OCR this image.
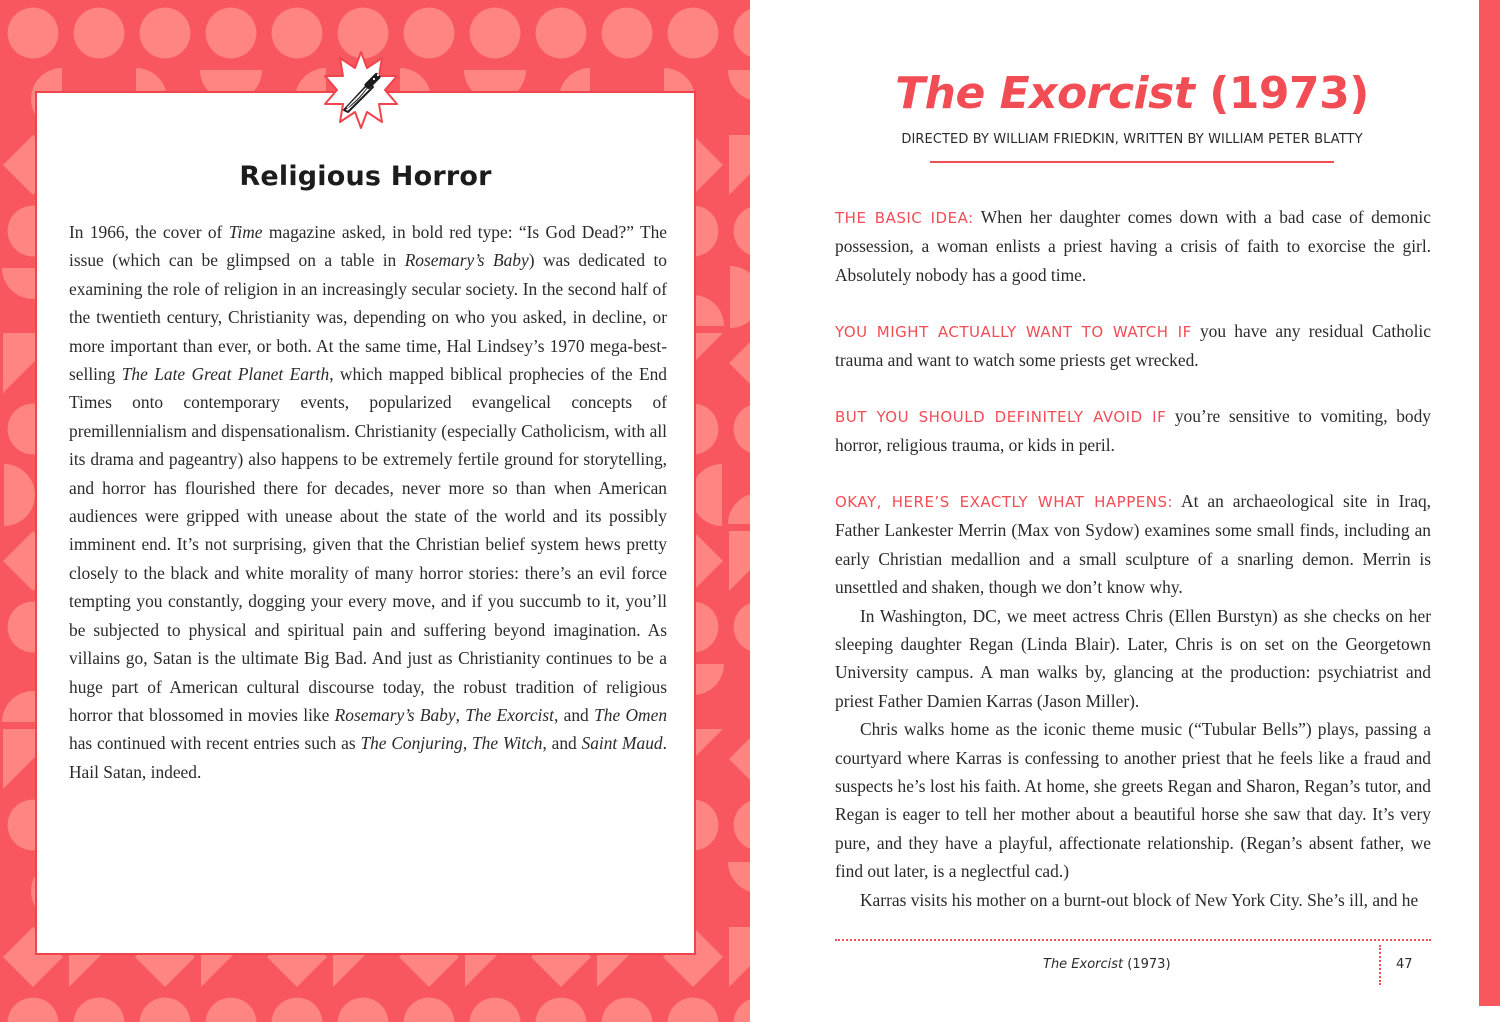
Religious Horror

In 1966, the cover of Time magazine asked, in bold red type: “Is God Dead?” The issue (which can be glimpsed on a table in Rosemary’s Baby) was dedicated to examining the role of religion in an increasingly secular society. In the second half of the twentieth century, Christianity was, depending on who you asked, in decline, or more important than ever, or both. At the same time, Hal Lindsey’s 1970 mega-best-selling The Late Great Planet Earth, which mapped biblical prophecies of the End Times onto contemporary events, popularized evangelical concepts of premillennialism and dispensationalism. Christianity (especially Catholicism, with all its drama and pageantry) also happens to be extremely fertile ground for storytelling, and horror has flourished there for decades, never more so than when American audiences were gripped with unease about the state of the world and its possibly imminent end. It’s not surprising, given that the Christian belief system hews pretty closely to the black and white morality of many horror stories: there’s an evil force tempting you constantly, dogging your every move, and if you succumb to it, you’ll be subjected to physical and spiritual pain and suffering beyond imagination. As villains go, Satan is the ultimate Big Bad. And just as Christianity continues to be a huge part of American cultural discourse today, the robust tradition of religious horror that blossomed in movies like Rosemary’s Baby, The Exorcist, and The Omen has continued with recent entries such as The Conjuring, The Witch, and Saint Maud. Hail Satan, indeed.

The Exorcist (1973)
DIRECTED BY WILLIAM FRIEDKIN, WRITTEN BY WILLIAM PETER BLATTY

THE BASIC IDEA: When her daughter comes down with a bad case of demonic possession, a woman enlists a priest having a crisis of faith to exorcise the girl. Absolutely nobody has a good time.

YOU MIGHT ACTUALLY WANT TO WATCH IF you have any residual Catholic trauma and want to watch some priests get wrecked.

BUT YOU SHOULD DEFINITELY AVOID IF you’re sensitive to vomiting, body horror, religious trauma, or kids in peril.

OKAY, HERE’S EXACTLY WHAT HAPPENS: At an archaeological site in Iraq, Father Lankester Merrin (Max von Sydow) examines some small finds, including an early Christian medallion and a small sculpture of a snarling demon. Merrin is unsettled and shaken, though we don’t know why.

In Washington, DC, we meet actress Chris (Ellen Burstyn) as she checks on her sleeping daughter Regan (Linda Blair). Later, Chris is on set on the Georgetown University campus. A man walks by, glancing at the production: psychiatrist and priest Father Damien Karras (Jason Miller).

Chris walks home as the iconic theme music (“Tubular Bells”) plays, passing a courtyard where Karras is confessing to another priest that he feels like a fraud and suspects he’s lost his faith. At home, she greets Regan and Sharon, Regan’s tutor, and Regan is eager to tell her mother about a beautiful horse she saw that day. It’s very pure, and they have a playful, affectionate relationship. (Regan’s absent father, we find out later, is a neglectful cad.)

Karras visits his mother on a burnt-out block of New York City. She’s ill, and he

The Exorcist (1973)	47
